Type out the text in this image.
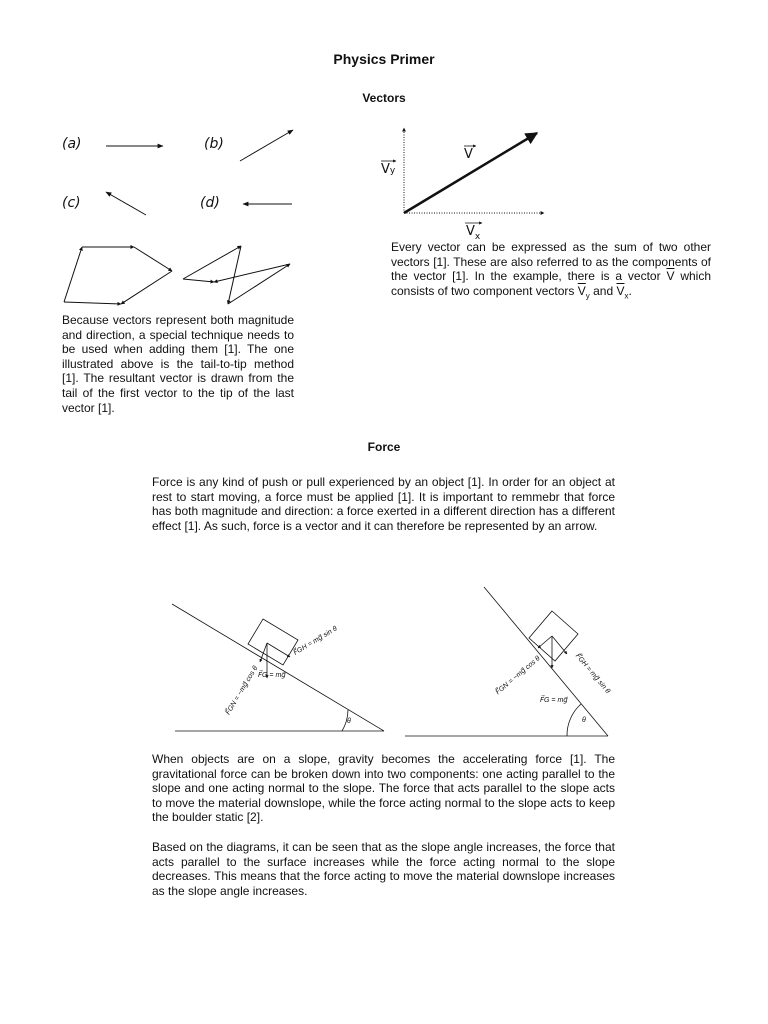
Physics Primer
Vectors
(a)	(b)
(c)	(d)
V
Vy
$V_x$
Because vectors represent both magnitude and direction, a special technique needs to be used when adding them [1]. The one illustrated above is the tail-to-tip method [1]. The resultant vector is drawn from the tail of the first vector to the tip of the last vector [1].
Every vector can be expressed as the sum of two other vectors [1]. These are also referred to as the components of the vector [1]. In the example, there is a vector $\overline{V}$ which consists of two component vectors $\overline{V}_y$ and $\overline{V}_x$.
Force
Force is any kind of push or pull experienced by an object [1]. In order for an object at rest to start moving, a force must be applied [1]. It is important to remmebr that force has both magnitude and direction: a force exerted in a different direction has a different effect [1]. As such, force is a vector and it can therefore be represented by an arrow.
F⃗GH = mg⃗ sin θ
F⃗GN = −mg⃗ cos θ
F⃗G = mg⃗
θ
F⃗GH = mg⃗ sin θ
F⃗GN = −mg⃗ cos θ
F⃗G = mg⃗
θ
When objects are on a slope, gravity becomes the accelerating force [1]. The gravitational force can be broken down into two components: one acting parallel to the slope and one acting normal to the slope. The force that acts parallel to the slope acts to move the material downslope, while the force acting normal to the slope acts to keep the boulder static [2].
Based on the diagrams, it can be seen that as the slope angle increases, the force that acts parallel to the surface increases while the force acting normal to the slope decreases. This means that the force acting to move the material downslope increases as the slope angle increases.
